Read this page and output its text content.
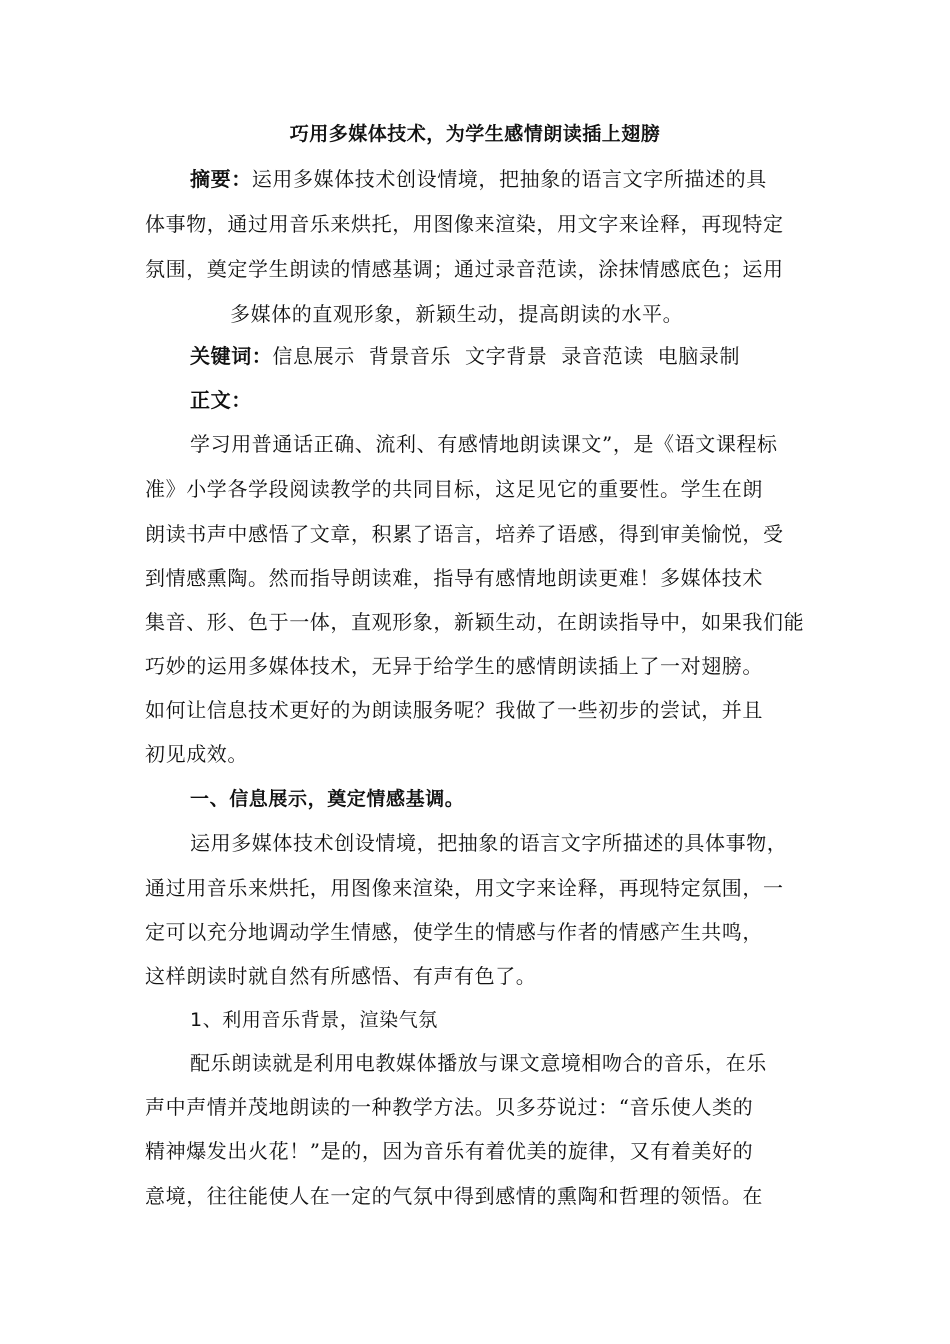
巧用多媒体技术，为学生感情朗读插上翅膀
摘要：运用多媒体技术创设情境，把抽象的语言文字所描述的具
体事物，通过用音乐来烘托，用图像来渲染，用文字来诠释，再现特定
氛围，奠定学生朗读的情感基调；通过录音范读，涂抹情感底色；运用
多媒体的直观形象，新颖生动，提高朗读的水平。
关键词：信息展示  背景音乐  文字背景  录音范读  电脑录制
正文：
学习用普通话正确、流利、有感情地朗读课文”，是《语文课程标
准》小学各学段阅读教学的共同目标，这足见它的重要性。学生在朗
朗读书声中感悟了文章，积累了语言，培养了语感，得到审美愉悦，受
到情感熏陶。然而指导朗读难，指导有感情地朗读更难！多媒体技术
集音、形、色于一体，直观形象，新颖生动，在朗读指导中，如果我们能
巧妙的运用多媒体技术，无异于给学生的感情朗读插上了一对翅膀。
如何让信息技术更好的为朗读服务呢？我做了一些初步的尝试，并且
初见成效。
一、信息展示，奠定情感基调。
运用多媒体技术创设情境，把抽象的语言文字所描述的具体事物，
通过用音乐来烘托，用图像来渲染，用文字来诠释，再现特定氛围，一
定可以充分地调动学生情感，使学生的情感与作者的情感产生共鸣，
这样朗读时就自然有所感悟、有声有色了。
1、利用音乐背景，渲染气氛
配乐朗读就是利用电教媒体播放与课文意境相吻合的音乐，在乐
声中声情并茂地朗读的一种教学方法。贝多芬说过：“音乐使人类的
精神爆发出火花！”是的，因为音乐有着优美的旋律，又有着美好的
意境，往往能使人在一定的气氛中得到感情的熏陶和哲理的领悟。在
